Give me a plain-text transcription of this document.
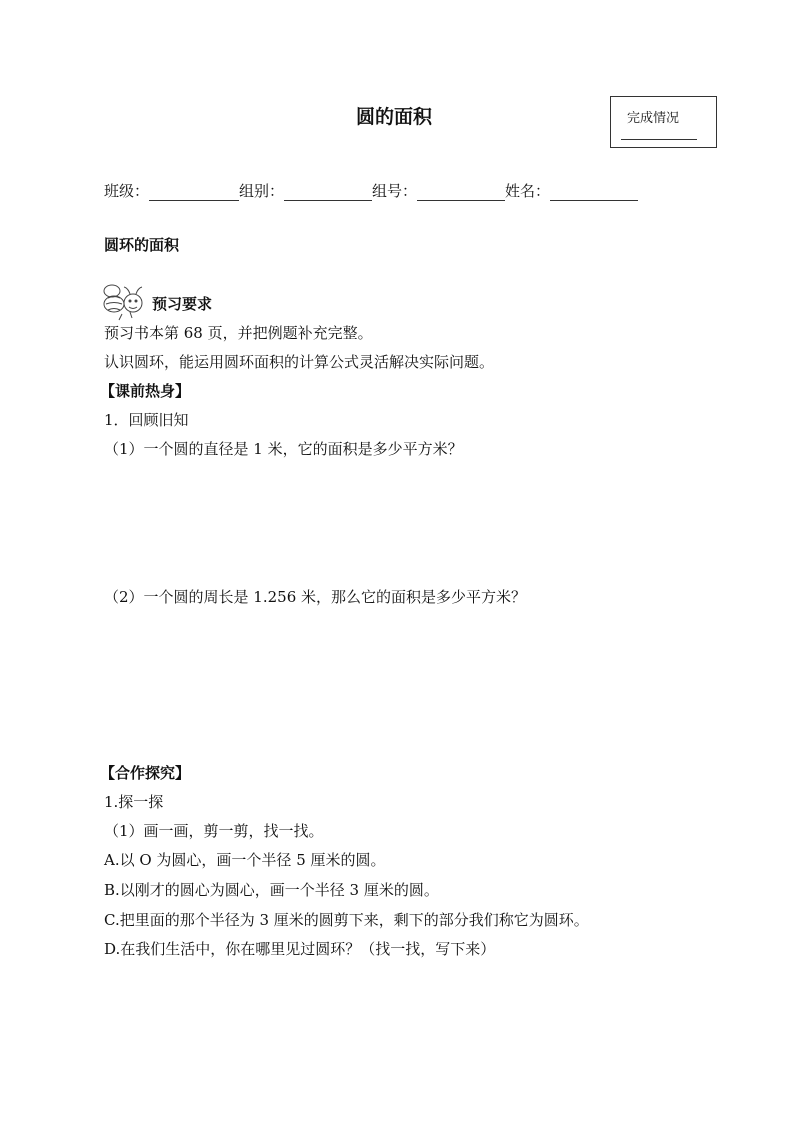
圆的面积	完成情况
班级：	组别：	组号：	姓名：
圆环的面积
预习要求
预习书本第 68 页，并把例题补充完整。
认识圆环，能运用圆环面积的计算公式灵活解决实际问题。
【课前热身】
1．回顾旧知
（1）一个圆的直径是 1 米，它的面积是多少平方米？
（2）一个圆的周长是 1.256 米，那么它的面积是多少平方米？
【合作探究】
1.探一探
（1）画一画，剪一剪，找一找。
A.以 O 为圆心，画一个半径 5 厘米的圆。
B.以刚才的圆心为圆心，画一个半径 3 厘米的圆。
C.把里面的那个半径为 3 厘米的圆剪下来，剩下的部分我们称它为圆环。
D.在我们生活中，你在哪里见过圆环？（找一找，写下来）
